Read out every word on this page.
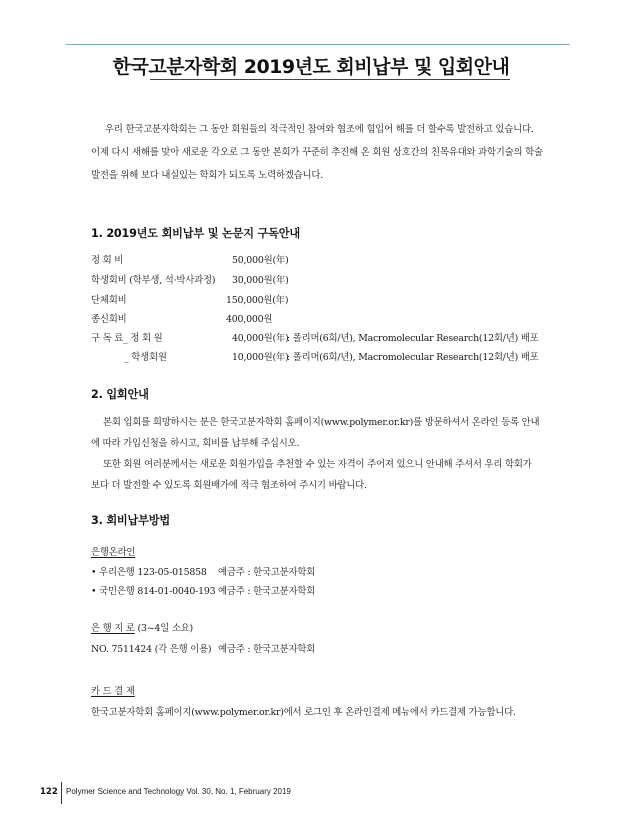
한국고분자학회 2019년도 회비납부 및 입회안내

우리 한국고분자학회는 그 동안 회원들의 적극적인 참여와 협조에 힘입어 해를 더 할수록 발전하고 있습니다. 이제 다시 새해를 맞아 새로운 각오로 그 동안 본회가 꾸준히 추진해 온 회원 상호간의 친목유대와 과학기술의 학술발전을 위해 보다 내실있는 학회가 되도록 노력하겠습니다.

1. 2019년도 회비납부 및 논문지 구독안내
정 회 비	50,000원(年)
학생회비 (학부생, 석·박사과정) 30,000원(年)
단체회비	150,000원(年)
종신회비	400,000원
구 독 료_ 정 회 원	40,000원(年)
: 폴리머(6회/년), Macromolecular Research(12회/년) 배포
_ 학생회원	10,000원(年)
: 폴리머(6회/년), Macromolecular Research(12회/년) 배포
2. 입회안내

본회 입회를 희망하시는 분은 한국고분자학회 홈페이지(www.polymer.or.kr)를 방문하셔서 온라인 등록 안내에 따라 가입신청을 하시고, 회비를 납부해 주십시오.

또한 회원 여러분께서는 새로운 회원가입을 추천할 수 있는 자격이 주어져 있으니 안내해 주셔서 우리 학회가 보다 더 발전할 수 있도록 회원배가에 적극 협조하여 주시기 바랍니다.

3. 회비납부방법
은행온라인
• 우리은행 123-05-015858 예금주 : 한국고분자학회
• 국민은행 814-01-0040-193 예금주 : 한국고분자학회
은 행 지 로 (3~4일 소요)
NO. 7511424 (각 은행 이용) 예금주 : 한국고분자학회
카 드 결 제
한국고분자학회 홈페이지(www.polymer.or.kr)에서 로그인 후 온라인결제 메뉴에서 카드결제 가능합니다.
122 Polymer Science and Technology Vol. 30, No. 1, February 2019
